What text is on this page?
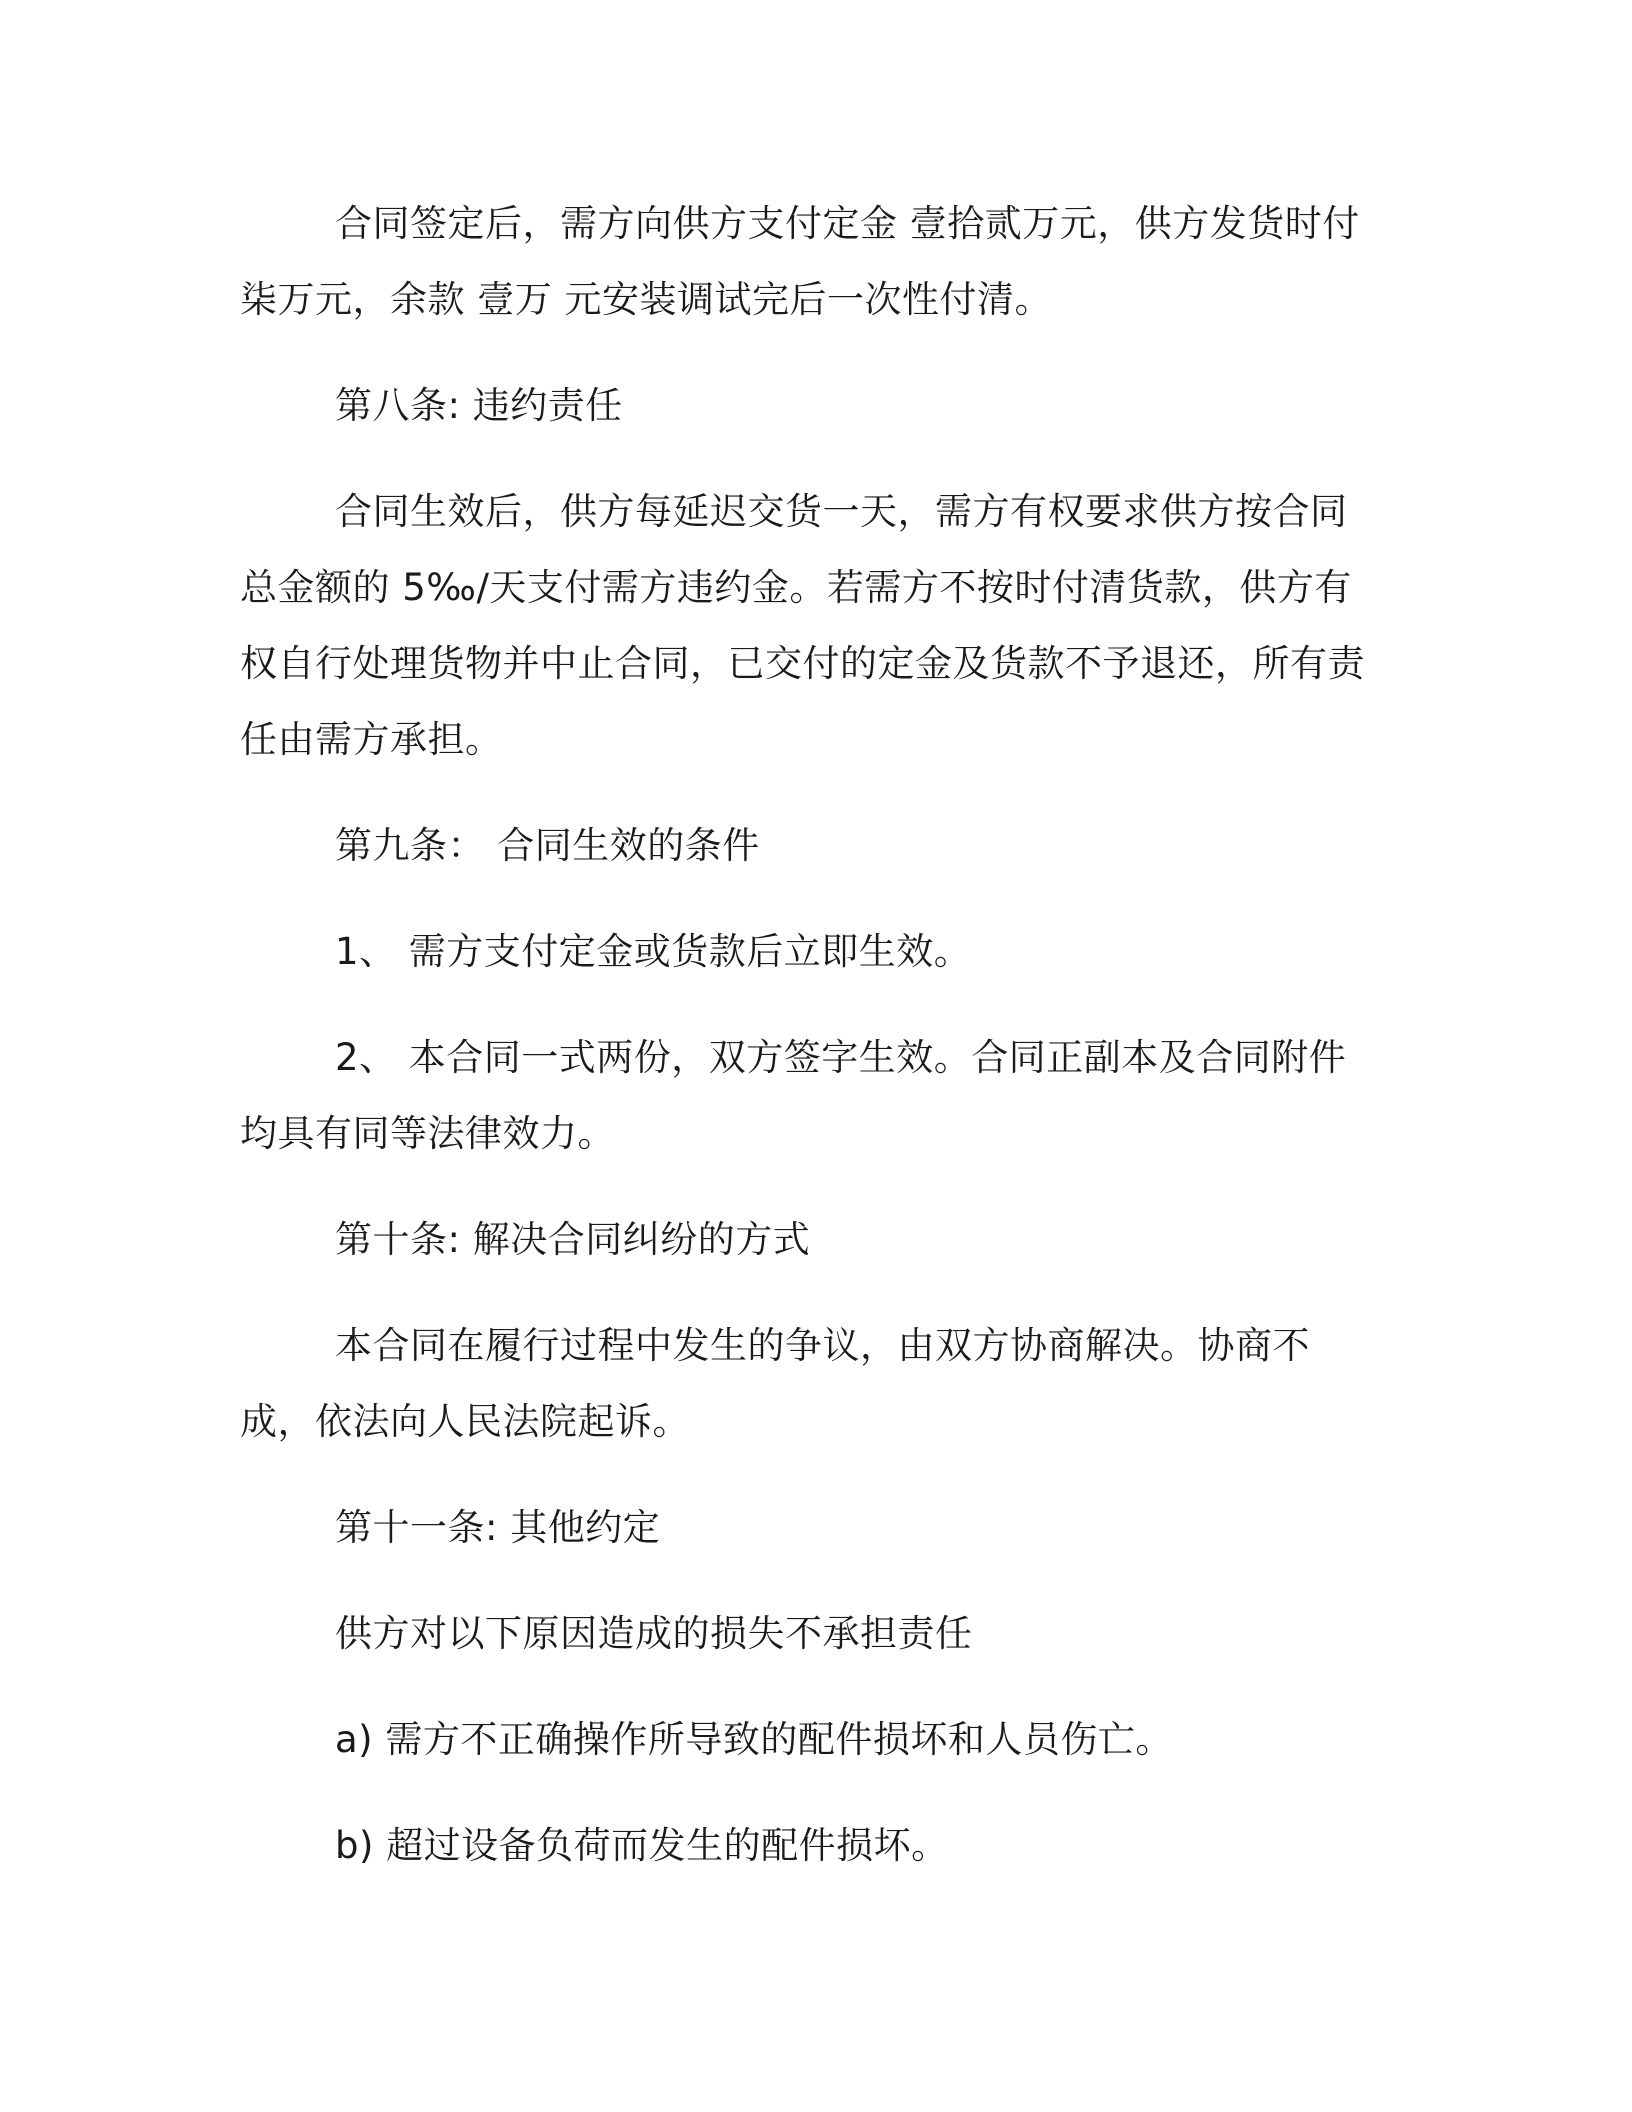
合同签定后，需方向供方支付定金 壹拾贰万元，供方发货时付柒万元，余款 壹万 元安装调试完后一次性付清。

第八条: 违约责任

合同生效后，供方每延迟交货一天，需方有权要求供方按合同总金额的 5‰/天支付需方违约金。若需方不按时付清货款，供方有权自行处理货物并中止合同，已交付的定金及货款不予退还，所有责任由需方承担。

第九条： 合同生效的条件

1、 需方支付定金或货款后立即生效。

2、 本合同一式两份，双方签字生效。合同正副本及合同附件均具有同等法律效力。

第十条: 解决合同纠纷的方式

本合同在履行过程中发生的争议，由双方协商解决。协商不成，依法向人民法院起诉。

第十一条: 其他约定

供方对以下原因造成的损失不承担责任

a) 需方不正确操作所导致的配件损坏和人员伤亡。

b) 超过设备负荷而发生的配件损坏。
